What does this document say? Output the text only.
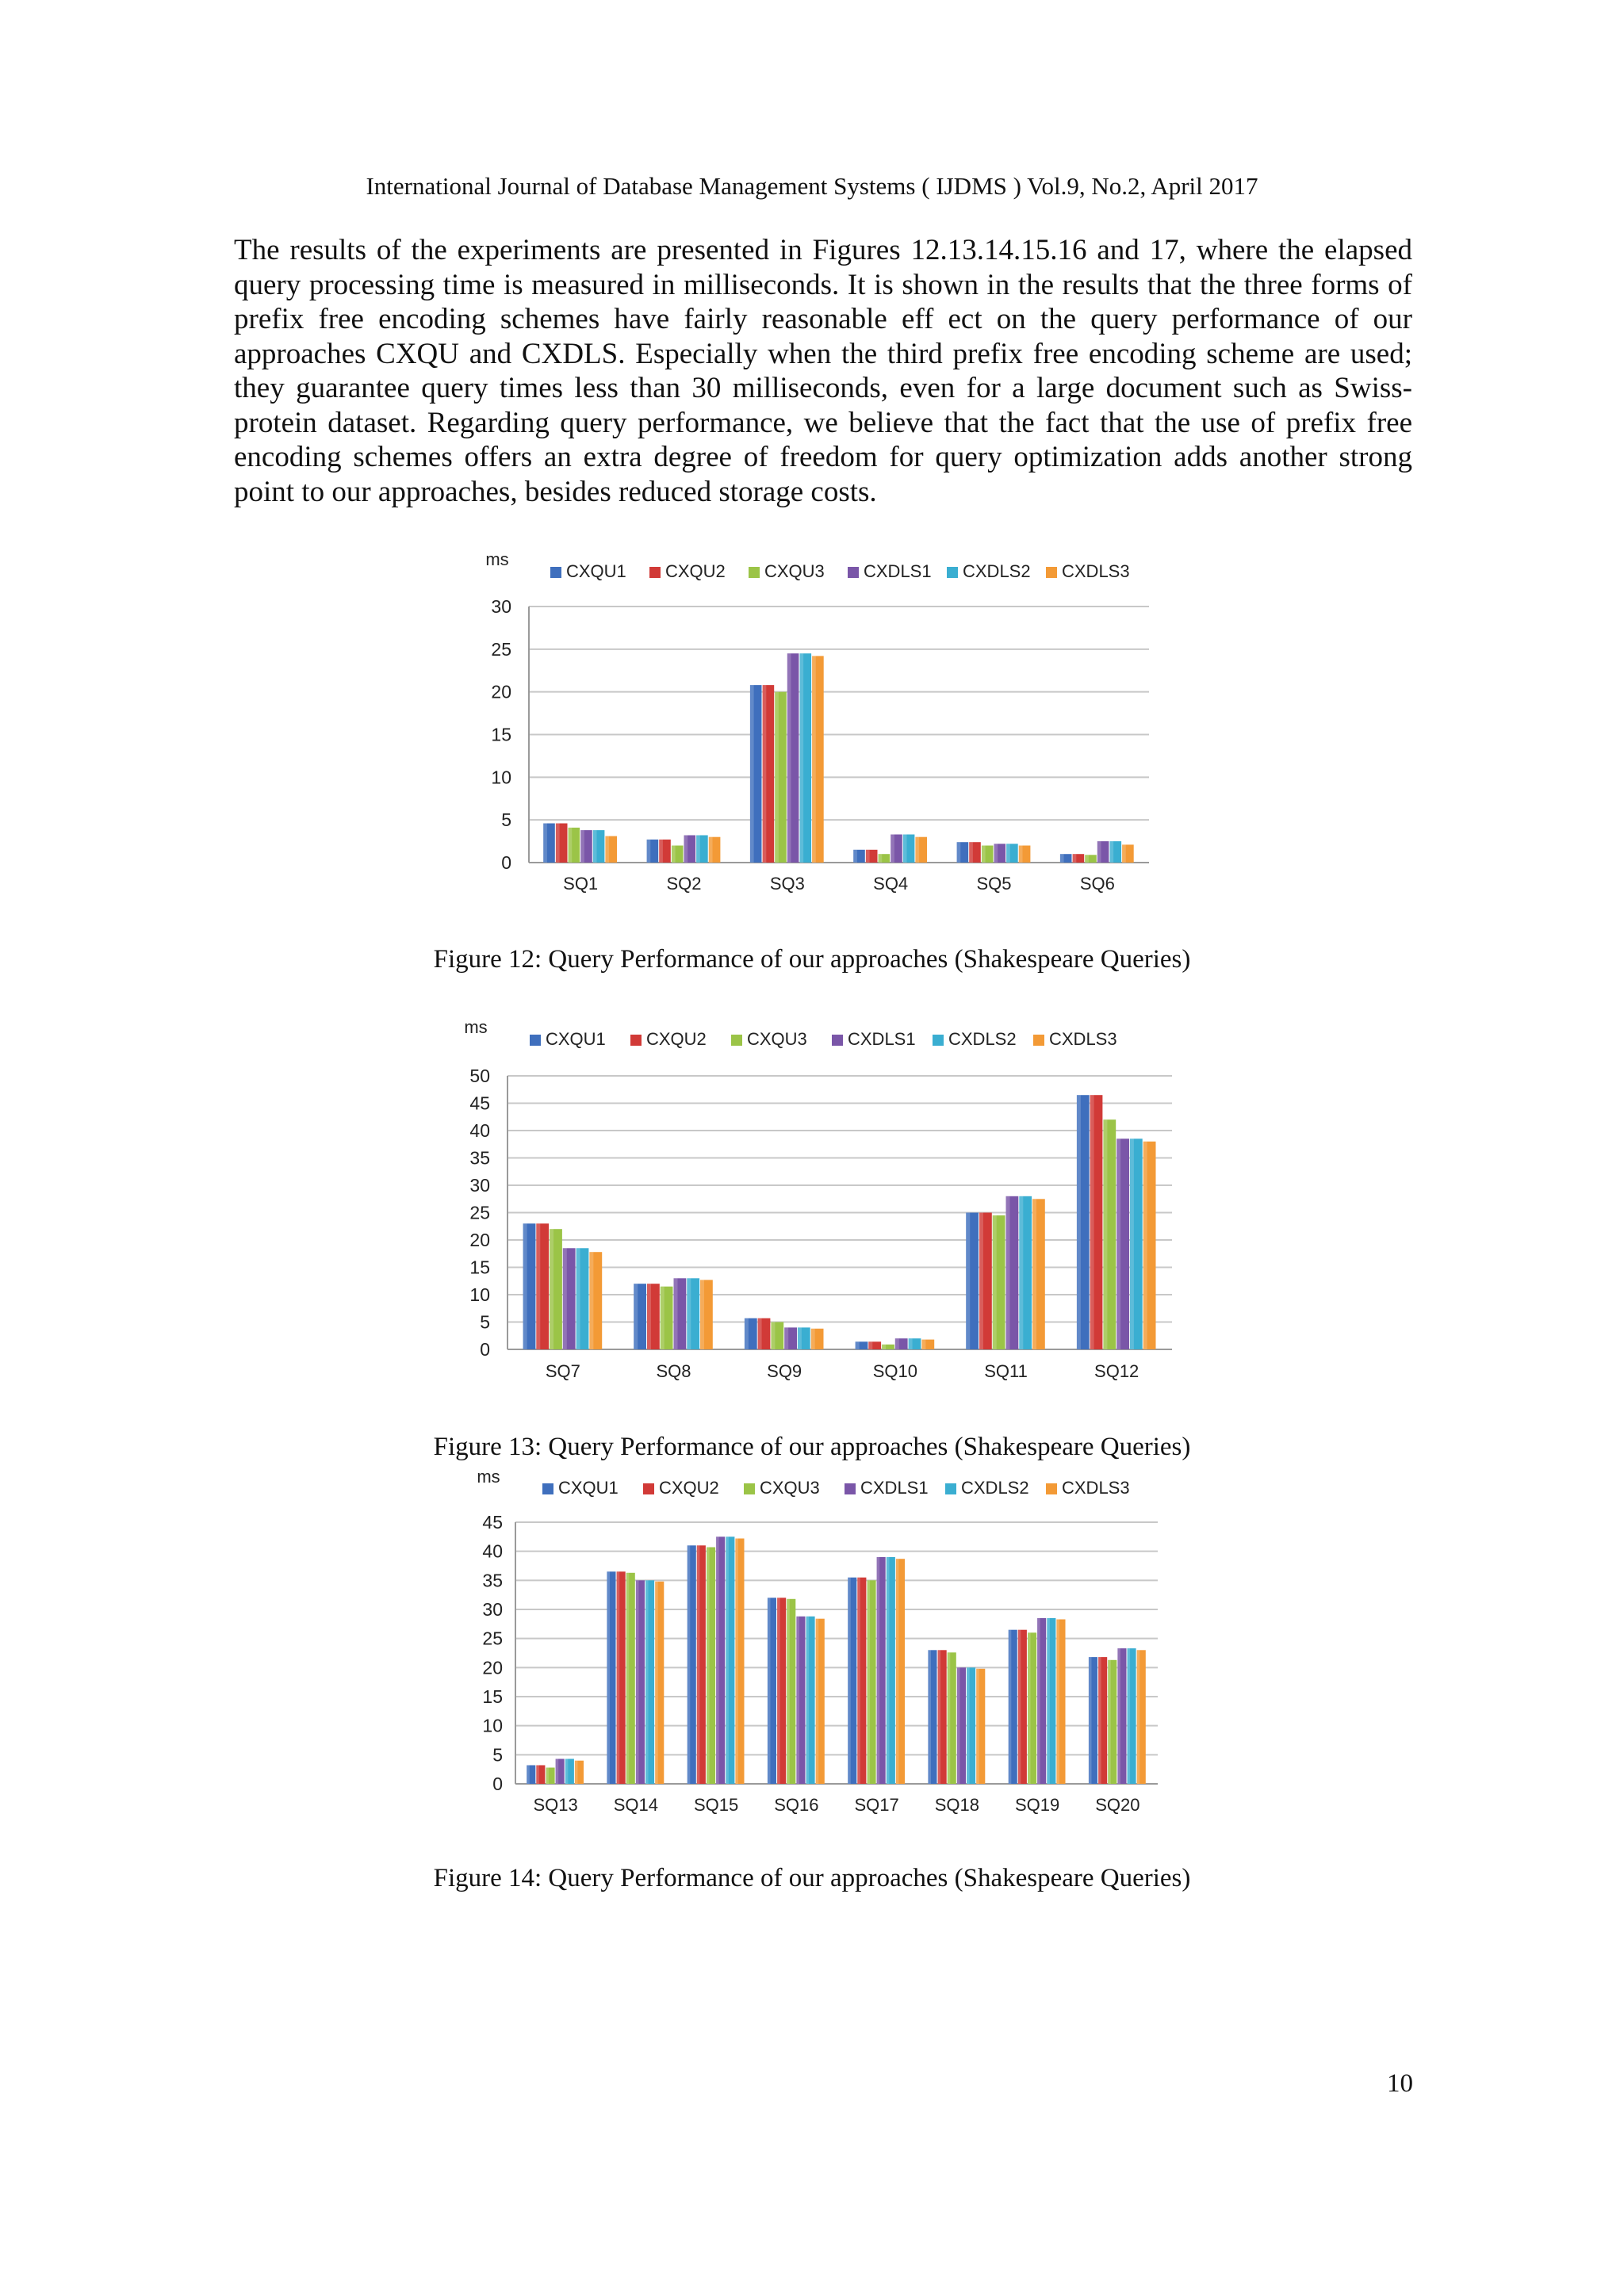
International Journal of Database Management Systems ( IJDMS ) Vol.9, No.2, April 2017

The results of the experiments are presented in Figures 12.13.14.15.16 and 17, where the elapsed query processing time is measured in milliseconds. It is shown in the results that the three forms of prefix free encoding schemes have fairly reasonable eff ect on the query performance of our approaches CXQU and CXDLS. Especially when the third prefix free encoding scheme are used; they guarantee query times less than 30 milliseconds, even for a large document such as Swiss-protein dataset. Regarding query performance, we believe that the fact that the use of prefix free encoding schemes offers an extra degree of freedom for query optimization adds another strong point to our approaches, besides reduced storage costs.

0
5
10
15
20
25
30
ms
CXQU1 CXQU2 CXQU3 CXDLS1 CXDLS2 CXDLS3
SQ1	SQ2	SQ3	SQ4	SQ5	SQ6
0
5
10
15
20
25
30
35
40
45
50
ms
CXQU1 CXQU2 CXQU3 CXDLS1 CXDLS2 CXDLS3
SQ7	SQ8	SQ9	SQ10	SQ11	SQ12
0
5
10
15
20
25
30
35
40
45
ms
CXQU1 CXQU2 CXQU3 CXDLS1 CXDLS2 CXDLS3
SQ13 SQ14 SQ15 SQ16 SQ17 SQ18 SQ19 SQ20
Figure 12: Query Performance of our approaches (Shakespeare Queries)
Figure 13: Query Performance of our approaches (Shakespeare Queries)
Figure 14: Query Performance of our approaches (Shakespeare Queries)
10
